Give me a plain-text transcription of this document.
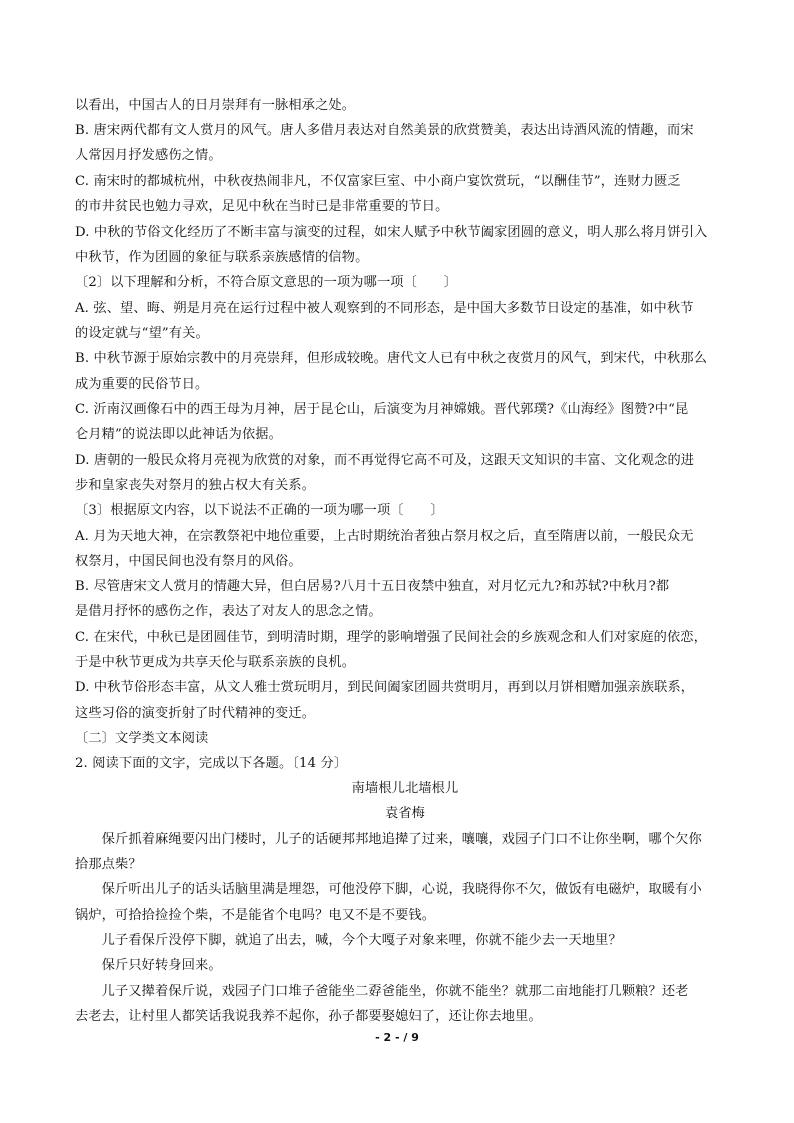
以看出，中国古人的日月崇拜有一脉相承之处。
B. 唐宋两代都有文人赏月的风气。唐人多借月表达对自然美景的欣赏赞美，表达出诗酒风流的情趣，而宋
人常因月抒发感伤之情。
C. 南宋时的都城杭州，中秋夜热闹非凡，不仅富家巨室、中小商户宴饮赏玩，“以酬佳节”，连财力匮乏
的市井贫民也勉力寻欢，足见中秋在当时已是非常重要的节日。
D. 中秋的节俗文化经历了不断丰富与演变的过程，如宋人赋予中秋节阖家团圆的意义，明人那么将月饼引入
中秋节，作为团圆的象征与联系亲族感情的信物。
〔2〕以下理解和分析，不符合原文意思的一项为哪一项〔　　〕
A. 弦、望、晦、朔是月亮在运行过程中被人观察到的不同形态，是中国大多数节日设定的基准，如中秋节
的设定就与“望”有关。
B. 中秋节源于原始宗教中的月亮崇拜，但形成较晚。唐代文人已有中秋之夜赏月的风气，到宋代，中秋那么
成为重要的民俗节日。
C. 沂南汉画像石中的西王母为月神，居于昆仑山，后演变为月神嫦娥。晋代郭璞?《山海经》图赞?中“昆
仑月精”的说法即以此神话为依据。
D. 唐朝的一般民众将月亮视为欣赏的对象，而不再觉得它高不可及，这跟天文知识的丰富、文化观念的进
步和皇家丧失对祭月的独占权大有关系。
〔3〕根据原文内容，以下说法不正确的一项为哪一项〔　　〕
A. 月为天地大神，在宗教祭祀中地位重要，上古时期统治者独占祭月权之后，直至隋唐以前，一般民众无
权祭月，中国民间也没有祭月的风俗。
B. 尽管唐宋文人赏月的情趣大异，但白居易?八月十五日夜禁中独直，对月忆元九?和苏轼?中秋月?都
是借月抒怀的感伤之作，表达了对友人的思念之情。
C. 在宋代，中秋已是团圆佳节，到明清时期，理学的影响增强了民间社会的乡族观念和人们对家庭的依恋，
于是中秋节更成为共享天伦与联系亲族的良机。
D. 中秋节俗形态丰富，从文人雅士赏玩明月，到民间阖家团圆共赏明月，再到以月饼相赠加强亲族联系，
这些习俗的演变折射了时代精神的变迁。
〔二〕文学类文本阅读
2. 阅读下面的文字，完成以下各题。〔14 分〕
南墙根儿北墙根儿
袁省梅
　　保斤抓着麻绳要闪出门楼时，儿子的话硬邦邦地追撵了过来，嚷嚷，戏园子门口不让你坐啊，哪个欠你
拾那点柴？
　　保斤听出儿子的话头话脑里满是埋怨，可他没停下脚，心说，我晓得你不欠，做饭有电磁炉，取暖有小
锅炉，可拾拾捡捡个柴，不是能省个电吗？电又不是不要钱。
　　儿子看保斤没停下脚，就追了出去，喊，今个大嘎子对象来哩，你就不能少去一天地里？
　　保斤只好转身回来。
　　儿子又撵着保斤说，戏园子门口堆子爸能坐二孬爸能坐，你就不能坐？就那二亩地能打几颗粮？还老
去老去，让村里人都笑话我说我养不起你，孙子都要娶媳妇了，还让你去地里。
- 2 - / 9
